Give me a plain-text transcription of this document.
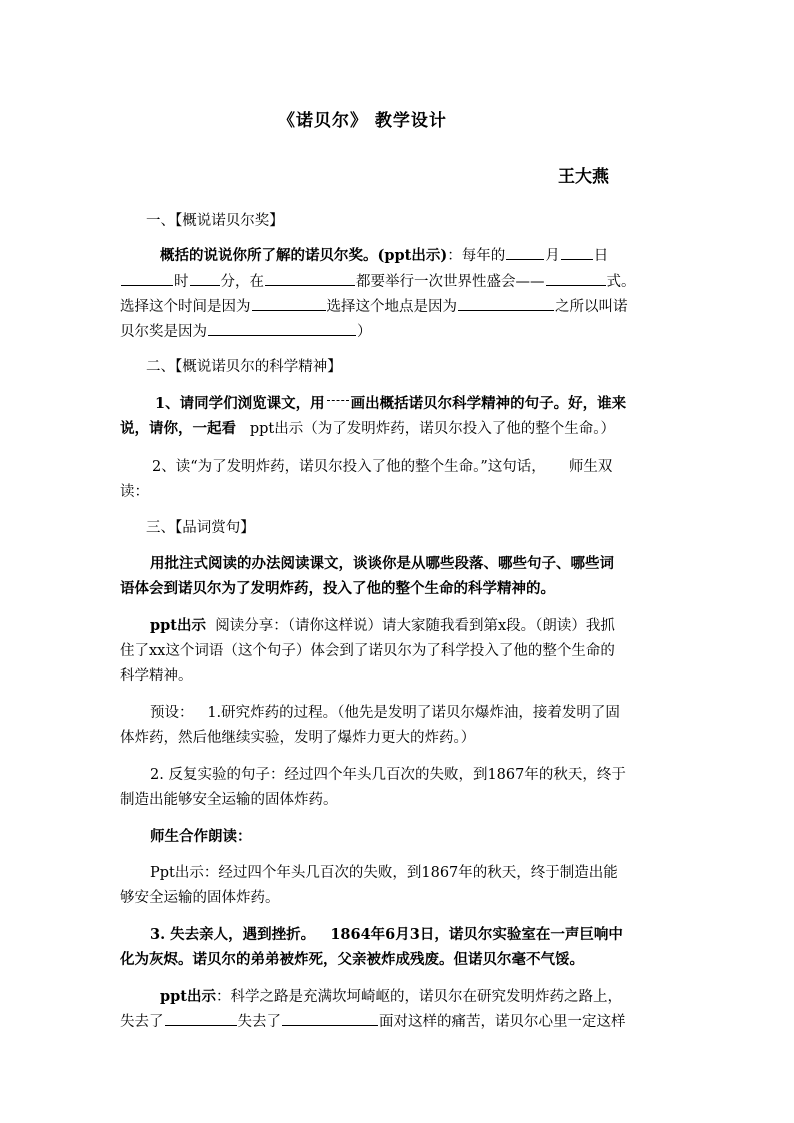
《诺贝尔》 教学设计
王大燕
一、【概说诺贝尔奖】
概括的说说你所了解的诺贝尔奖。(ppt出示)：每年的	月 日
时 分，在	都要举行一次世界性盛会——	式。
选择这个时间是因为	选择这个地点是因为	之所以叫诺
贝尔奖是因为	）
二、【概说诺贝尔的科学精神】
1、请同学们浏览课文，用 画出概括诺贝尔科学精神的句子。好，谁来
说，请你，一起看 ppt出示（为了发明炸药，诺贝尔投入了他的整个生命。）
2、读“为了发明炸药，诺贝尔投入了他的整个生命。”这句话，     师生双
读：
三、【品词赏句】
用批注式阅读的办法阅读课文，谈谈你是从哪些段落、哪些句子、哪些词
语体会到诺贝尔为了发明炸药，投入了他的整个生命的科学精神的。
ppt出示  阅读分享：（请你这样说）请大家随我看到第x段。（朗读）我抓
住了xx这个词语（这个句子）体会到了诺贝尔为了科学投入了他的整个生命的
科学精神。
预设：   1.研究炸药的过程。（他先是发明了诺贝尔爆炸油，接着发明了固
体炸药，然后他继续实验，发明了爆炸力更大的炸药。）
2. 反复实验的句子：经过四个年头几百次的失败，到1867年的秋天，终于
制造出能够安全运输的固体炸药。
师生合作朗读：
Ppt出示：经过四个年头几百次的失败，到1867年的秋天，终于制造出能
够安全运输的固体炸药。
3. 失去亲人，遇到挫折。   1864年6月3日，诺贝尔实验室在一声巨响中
化为灰烬。诺贝尔的弟弟被炸死，父亲被炸成残废。但诺贝尔毫不气馁。
ppt出示：科学之路是充满坎坷崎岖的，诺贝尔在研究发明炸药之路上，
失去了	失去了	面对这样的痛苦，诺贝尔心里一定这样
